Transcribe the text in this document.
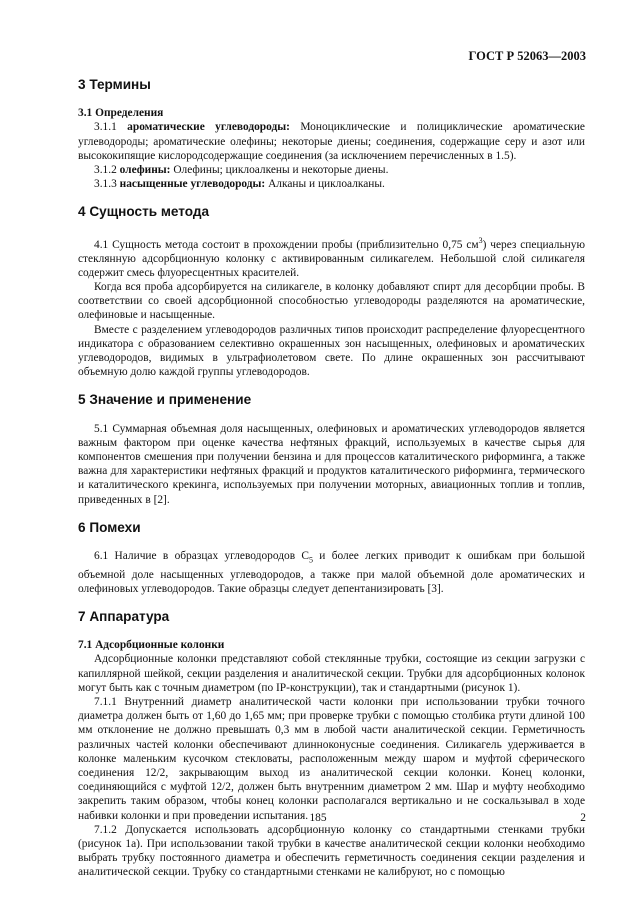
ГОСТ Р 52063—2003
3 Термины
3.1 Определения

3.1.1 ароматические углеводороды: Моноциклические и полициклические ароматические углеводороды; ароматические олефины; некоторые диены; соединения, содержащие серу и азот или высококипящие кислородсодержащие соединения (за исключением перечисленных в 1.5).

3.1.2 олефины: Олефины; циклоалкены и некоторые диены.

3.1.3 насыщенные углеводороды: Алканы и циклоалканы.

4 Сущность метода

4.1 Сущность метода состоит в прохождении пробы (приблизительно 0,75 $см^3$) через специальную стеклянную адсорбционную колонку с активированным силикагелем. Небольшой слой силикагеля содержит смесь флуоресцентных красителей.

Когда вся проба адсорбируется на силикагеле, в колонку добавляют спирт для десорбции пробы. В соответствии со своей адсорбционной способностью углеводороды разделяются на ароматические, олефиновые и насыщенные.

Вместе с разделением углеводородов различных типов происходит распределение флуоресцентного индикатора с образованием селективно окрашенных зон насыщенных, олефиновых и ароматических углеводородов, видимых в ультрафиолетовом свете. По длине окрашенных зон рассчитывают объемную долю каждой группы углеводородов.

5 Значение и применение

5.1 Суммарная объемная доля насыщенных, олефиновых и ароматических углеводородов является важным фактором при оценке качества нефтяных фракций, используемых в качестве сырья для компонентов смешения при получении бензина и для процессов каталитического риформинга, а также важна для характеристики нефтяных фракций и продуктов каталитического риформинга, термического и каталитического крекинга, используемых при получении моторных, авиационных топлив и топлив, приведенных в [2].

6 Помехи

6.1 Наличие в образцах углеводородов $С_5$ и более легких приводит к ошибкам при большой объемной доле насыщенных углеводородов, а также при малой объемной доле ароматических и олефиновых углеводородов. Такие образцы следует депентанизировать [3].

7 Аппаратура
7.1 Адсорбционные колонки

Адсорбционные колонки представляют собой стеклянные трубки, состоящие из секции загрузки с капиллярной шейкой, секции разделения и аналитической секции. Трубки для адсорбционных колонок могут быть как с точным диаметром (по IP-конструкции), так и стандартными (рисунок 1).

7.1.1 Внутренний диаметр аналитической части колонки при использовании трубки точного диаметра должен быть от 1,60 до 1,65 мм; при проверке трубки с помощью столбика ртути длиной 100 мм отклонение не должно превышать 0,3 мм в любой части аналитической секции. Герметичность различных частей колонки обеспечивают длинноконусные соединения. Силикагель удерживается в колонке маленьким кусочком стекловаты, расположенным между шаром и муфтой сферического соединения 12/2, закрывающим выход из аналитической секции колонки. Конец колонки, соединяющийся с муфтой 12/2, должен быть внутренним диаметром 2 мм. Шар и муфту необходимо закрепить таким образом, чтобы конец колонки располагался вертикально и не соскальзывал в ходе набивки колонки и при проведении испытания.

7.1.2 Допускается использовать адсорбционную колонку со стандартными стенками трубки (рисунок 1а). При использовании такой трубки в качестве аналитической секции колонки необходимо выбрать трубку постоянного диаметра и обеспечить герметичность соединения секции разделения и аналитической секции. Трубку со стандартными стенками не калибруют, но с помощью

185	2
